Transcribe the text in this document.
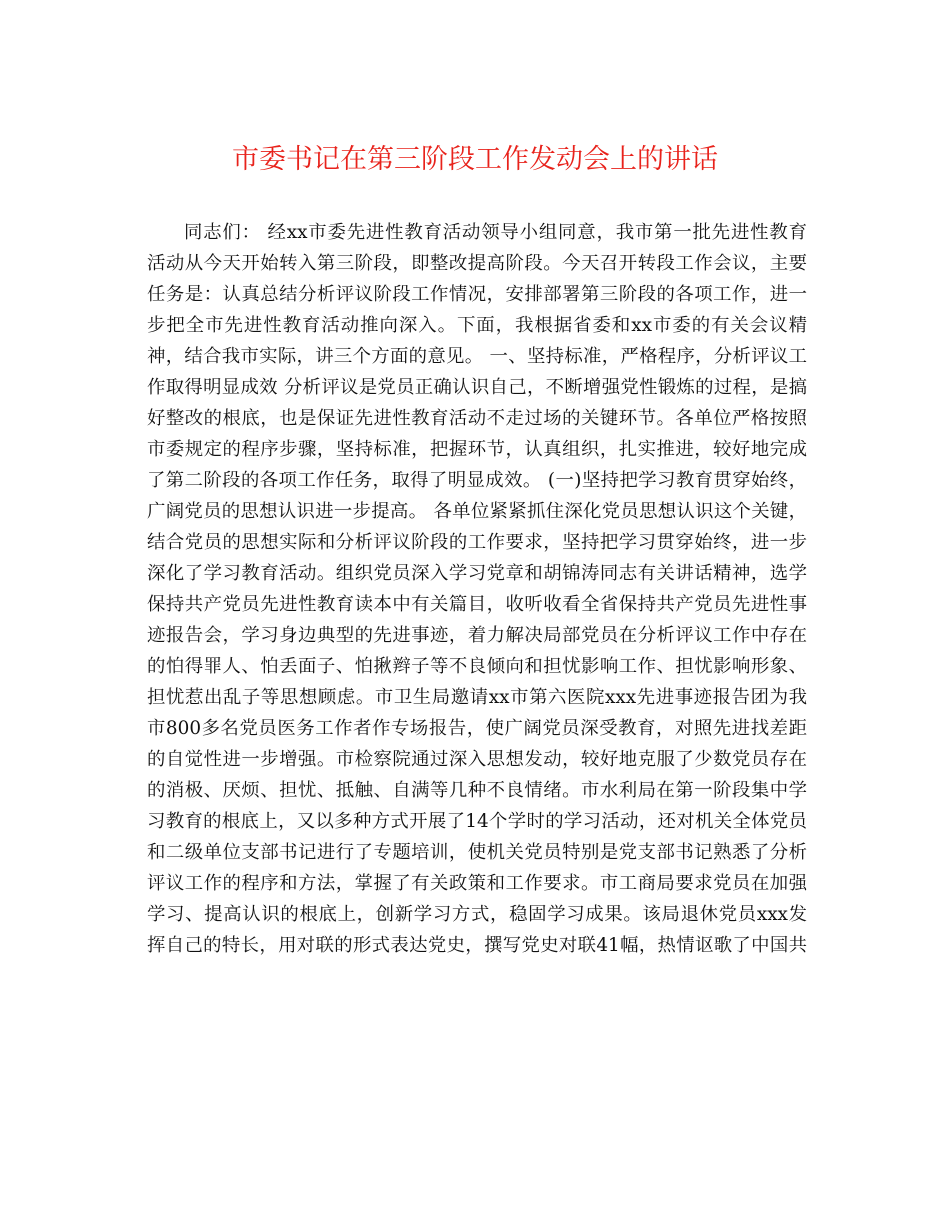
市委书记在第三阶段工作发动会上的讲话
同志们： 经xx市委先进性教育活动领导小组同意，我市第一批先进性教育
活动从今天开始转入第三阶段，即整改提高阶段。今天召开转段工作会议，主要
任务是：认真总结分析评议阶段工作情况，安排部署第三阶段的各项工作，进一
步把全市先进性教育活动推向深入。下面，我根据省委和xx市委的有关会议精
神，结合我市实际，讲三个方面的意见。 一、坚持标准，严格程序，分析评议工
作取得明显成效 分析评议是党员正确认识自己，不断增强党性锻炼的过程，是搞
好整改的根底，也是保证先进性教育活动不走过场的关键环节。各单位严格按照
市委规定的程序步骤，坚持标准，把握环节，认真组织，扎实推进，较好地完成
了第二阶段的各项工作任务，取得了明显成效。 (一)坚持把学习教育贯穿始终，
广阔党员的思想认识进一步提高。 各单位紧紧抓住深化党员思想认识这个关键，
结合党员的思想实际和分析评议阶段的工作要求，坚持把学习贯穿始终，进一步
深化了学习教育活动。组织党员深入学习党章和胡锦涛同志有关讲话精神，选学
保持共产党员先进性教育读本中有关篇目，收听收看全省保持共产党员先进性事
迹报告会，学习身边典型的先进事迹，着力解决局部党员在分析评议工作中存在
的怕得罪人、怕丢面子、怕揪辫子等不良倾向和担忧影响工作、担忧影响形象、
担忧惹出乱子等思想顾虑。市卫生局邀请xx市第六医院xxx先进事迹报告团为我
市800多名党员医务工作者作专场报告，使广阔党员深受教育，对照先进找差距
的自觉性进一步增强。市检察院通过深入思想发动，较好地克服了少数党员存在
的消极、厌烦、担忧、抵触、自满等几种不良情绪。市水利局在第一阶段集中学
习教育的根底上，又以多种方式开展了14个学时的学习活动，还对机关全体党员
和二级单位支部书记进行了专题培训，使机关党员特别是党支部书记熟悉了分析
评议工作的程序和方法，掌握了有关政策和工作要求。市工商局要求党员在加强
学习、提高认识的根底上，创新学习方式，稳固学习成果。该局退休党员xxx发
挥自己的特长，用对联的形式表达党史，撰写党史对联41幅，热情讴歌了中国共
